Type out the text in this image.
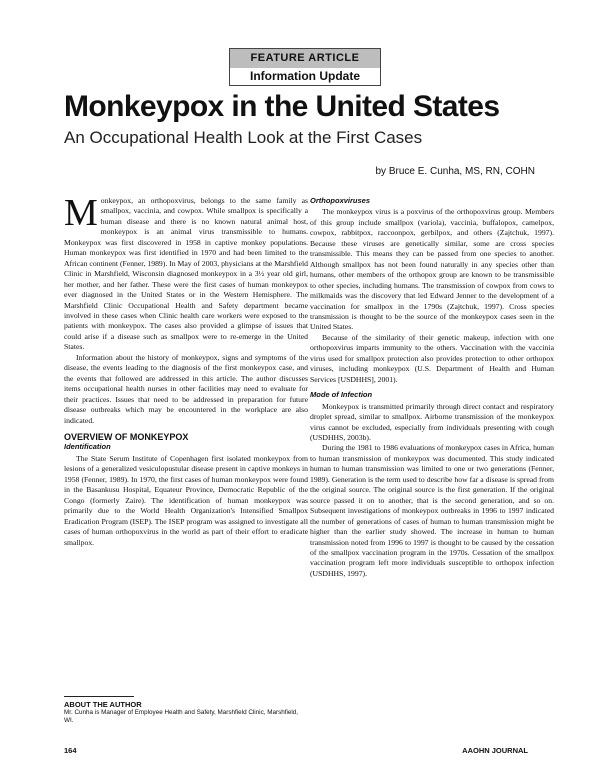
FEATURE ARTICLE
Information Update
Monkeypox in the United States
An Occupational Health Look at the First Cases
by Bruce E. Cunha, MS, RN, COHN

Monkeypox, an orthopoxvirus, belongs to the same family as smallpox, vaccinia, and cowpox. While smallpox is specifically a human disease and there is no known natural animal host, monkeypox is an animal virus transmissible to humans. Monkeypox was first discovered in 1958 in captive monkey populations. Human monkeypox was first identified in 1970 and had been limited to the African continent (Fenner, 1989). In May of 2003, physicians at the Marshfield Clinic in Marshfield, Wisconsin diagnosed monkeypox in a 3½ year old girl, her mother, and her father. These were the first cases of human monkeypox ever diagnosed in the United States or in the Western Hemisphere. The Marshfield Clinic Occupational Health and Safety department became involved in these cases when Clinic health care workers were exposed to the patients with monkeypox. The cases also provided a glimpse of issues that could arise if a disease such as smallpox were to re-emerge in the United States.

Information about the history of monkeypox, signs and symptoms of the disease, the events leading to the diagnosis of the first monkeypox case, and the events that followed are addressed in this article. The author discusses items occupational health nurses in other facilities may need to evaluate for their practices. Issues that need to be addressed in preparation for future disease outbreaks which may be encountered in the workplace are also indicated.

OVERVIEW OF MONKEYPOX
Identification

The State Serum Institute of Copenhagen first isolated monkeypox from lesions of a generalized vesiculopustular disease present in captive monkeys in 1958 (Fenner, 1989). In 1970, the first cases of human monkeypox were found in the Basankusu Hospital, Equateur Province, Democratic Republic of the Congo (formerly Zaire). The identification of human monkeypox was primarily due to the World Health Organization's Intensified Smallpox Eradication Program (ISEP). The ISEP program was assigned to investigate all cases of human orthopoxvirus in the world as part of their effort to eradicate smallpox.

Orthopoxviruses

The monkeypox virus is a poxvirus of the orthopoxvirus group. Members of this group include smallpox (variola), vaccinia, buffalopox, camelpox, cowpox, rabbitpox, raccoonpox, gerbilpox, and others (Zajtchuk, 1997). Because these viruses are genetically similar, some are cross species transmissible. This means they can be passed from one species to another. Although smallpox has not been found naturally in any species other than humans, other members of the orthopox group are known to be transmissible to other species, including humans. The transmission of cowpox from cows to milkmaids was the discovery that led Edward Jenner to the development of a vaccination for smallpox in the 1790s (Zajtchuk, 1997). Cross species transmission is thought to be the source of the monkeypox cases seen in the United States.

Because of the similarity of their genetic makeup, infection with one orthopoxvirus imparts immunity to the others. Vaccination with the vaccinia virus used for smallpox protection also provides protection to other orthopox viruses, including monkeypox (U.S. Department of Health and Human Services [USDHHS], 2001).

Mode of Infection

Monkeypox is transmitted primarily through direct contact and respiratory droplet spread, similar to smallpox. Airborne transmission of the monkeypox virus cannot be excluded, especially from individuals presenting with cough (USDHHS, 2003b).

During the 1981 to 1986 evaluations of monkeypox cases in Africa, human to human transmission of monkeypox was documented. This study indicated human to human transmission was limited to one or two generations (Fenner, 1989). Generation is the term used to describe how far a disease is spread from the original source. The original source is the first generation. If the original source passed it on to another, that is the second generation, and so on. Subsequent investigations of monkeypox outbreaks in 1996 to 1997 indicated the number of generations of cases of human to human transmission might be higher than the earlier study showed. The increase in human to human transmission noted from 1996 to 1997 is thought to be caused by the cessation of the smallpox vaccination program in the 1970s. Cessation of the smallpox vaccination program left more individuals susceptible to orthopox infection (USDHHS, 1997).

ABOUT THE AUTHOR
Mr. Cunha is Manager of Employee Health and Safety, Marshfield Clinic, Marshfield, WI.
164	AAOHN JOURNAL
